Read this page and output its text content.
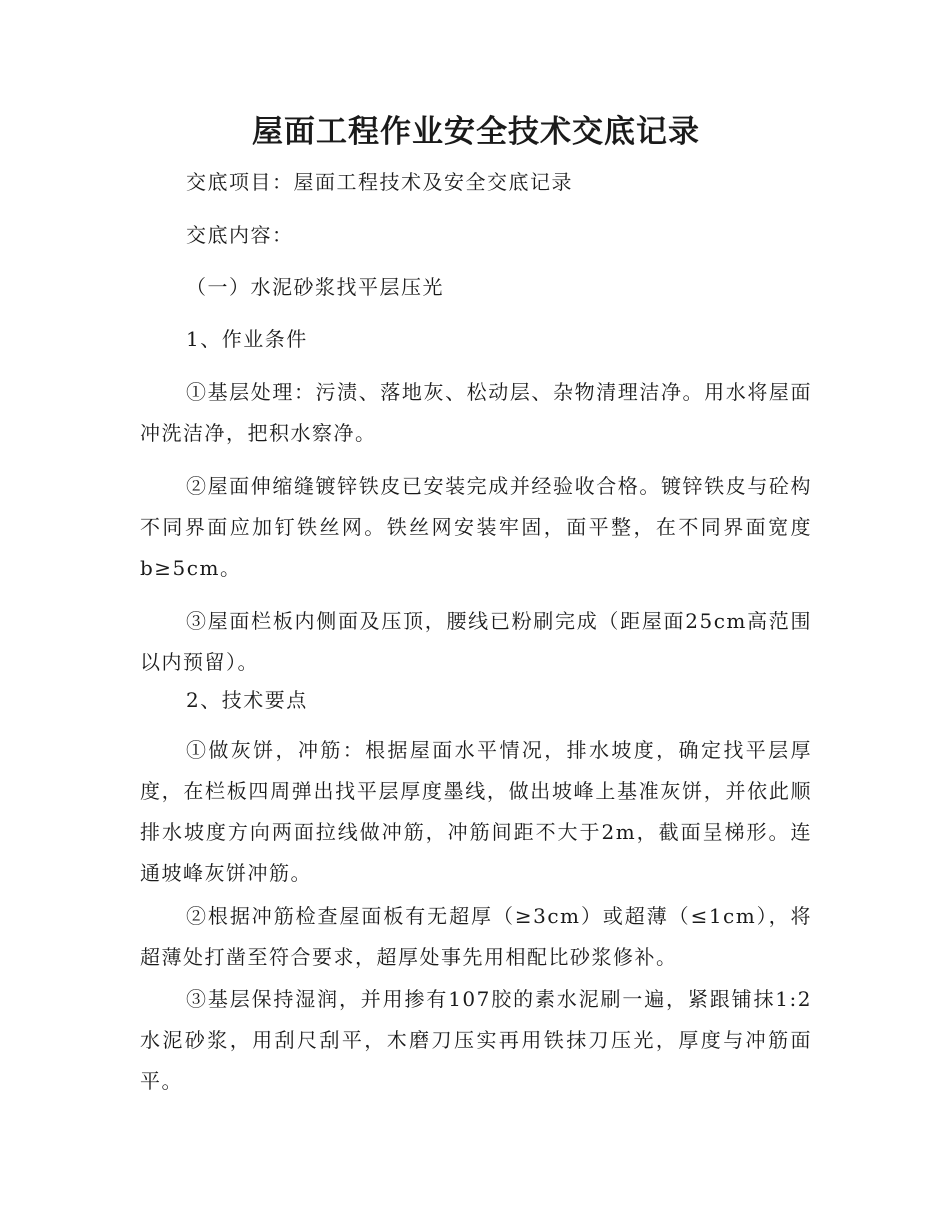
屋面工程作业安全技术交底记录

交底项目：屋面工程技术及安全交底记录

交底内容：

（一）水泥砂浆找平层压光

1、作业条件

①基层处理：污渍、落地灰、松动层、杂物清理洁净。用水将屋面冲洗洁净，把积水察净。

②屋面伸缩缝镀锌铁皮已安装完成并经验收合格。镀锌铁皮与砼构不同界面应加钉铁丝网。铁丝网安装牢固，面平整，在不同界面宽度b≥5cm。

③屋面栏板内侧面及压顶，腰线已粉刷完成（距屋面25cm高范围以内预留）。

2、技术要点

①做灰饼，冲筋：根据屋面水平情况，排水坡度，确定找平层厚度，在栏板四周弹出找平层厚度墨线，做出坡峰上基准灰饼，并依此顺排水坡度方向两面拉线做冲筋，冲筋间距不大于2m，截面呈梯形。连通坡峰灰饼冲筋。

②根据冲筋检查屋面板有无超厚（≥3cm）或超薄（≤1cm），将超薄处打凿至符合要求，超厚处事先用相配比砂浆修补。

③基层保持湿润，并用掺有107胶的素水泥刷一遍，紧跟铺抹1:2水泥砂浆，用刮尺刮平，木磨刀压实再用铁抹刀压光，厚度与冲筋面平。
